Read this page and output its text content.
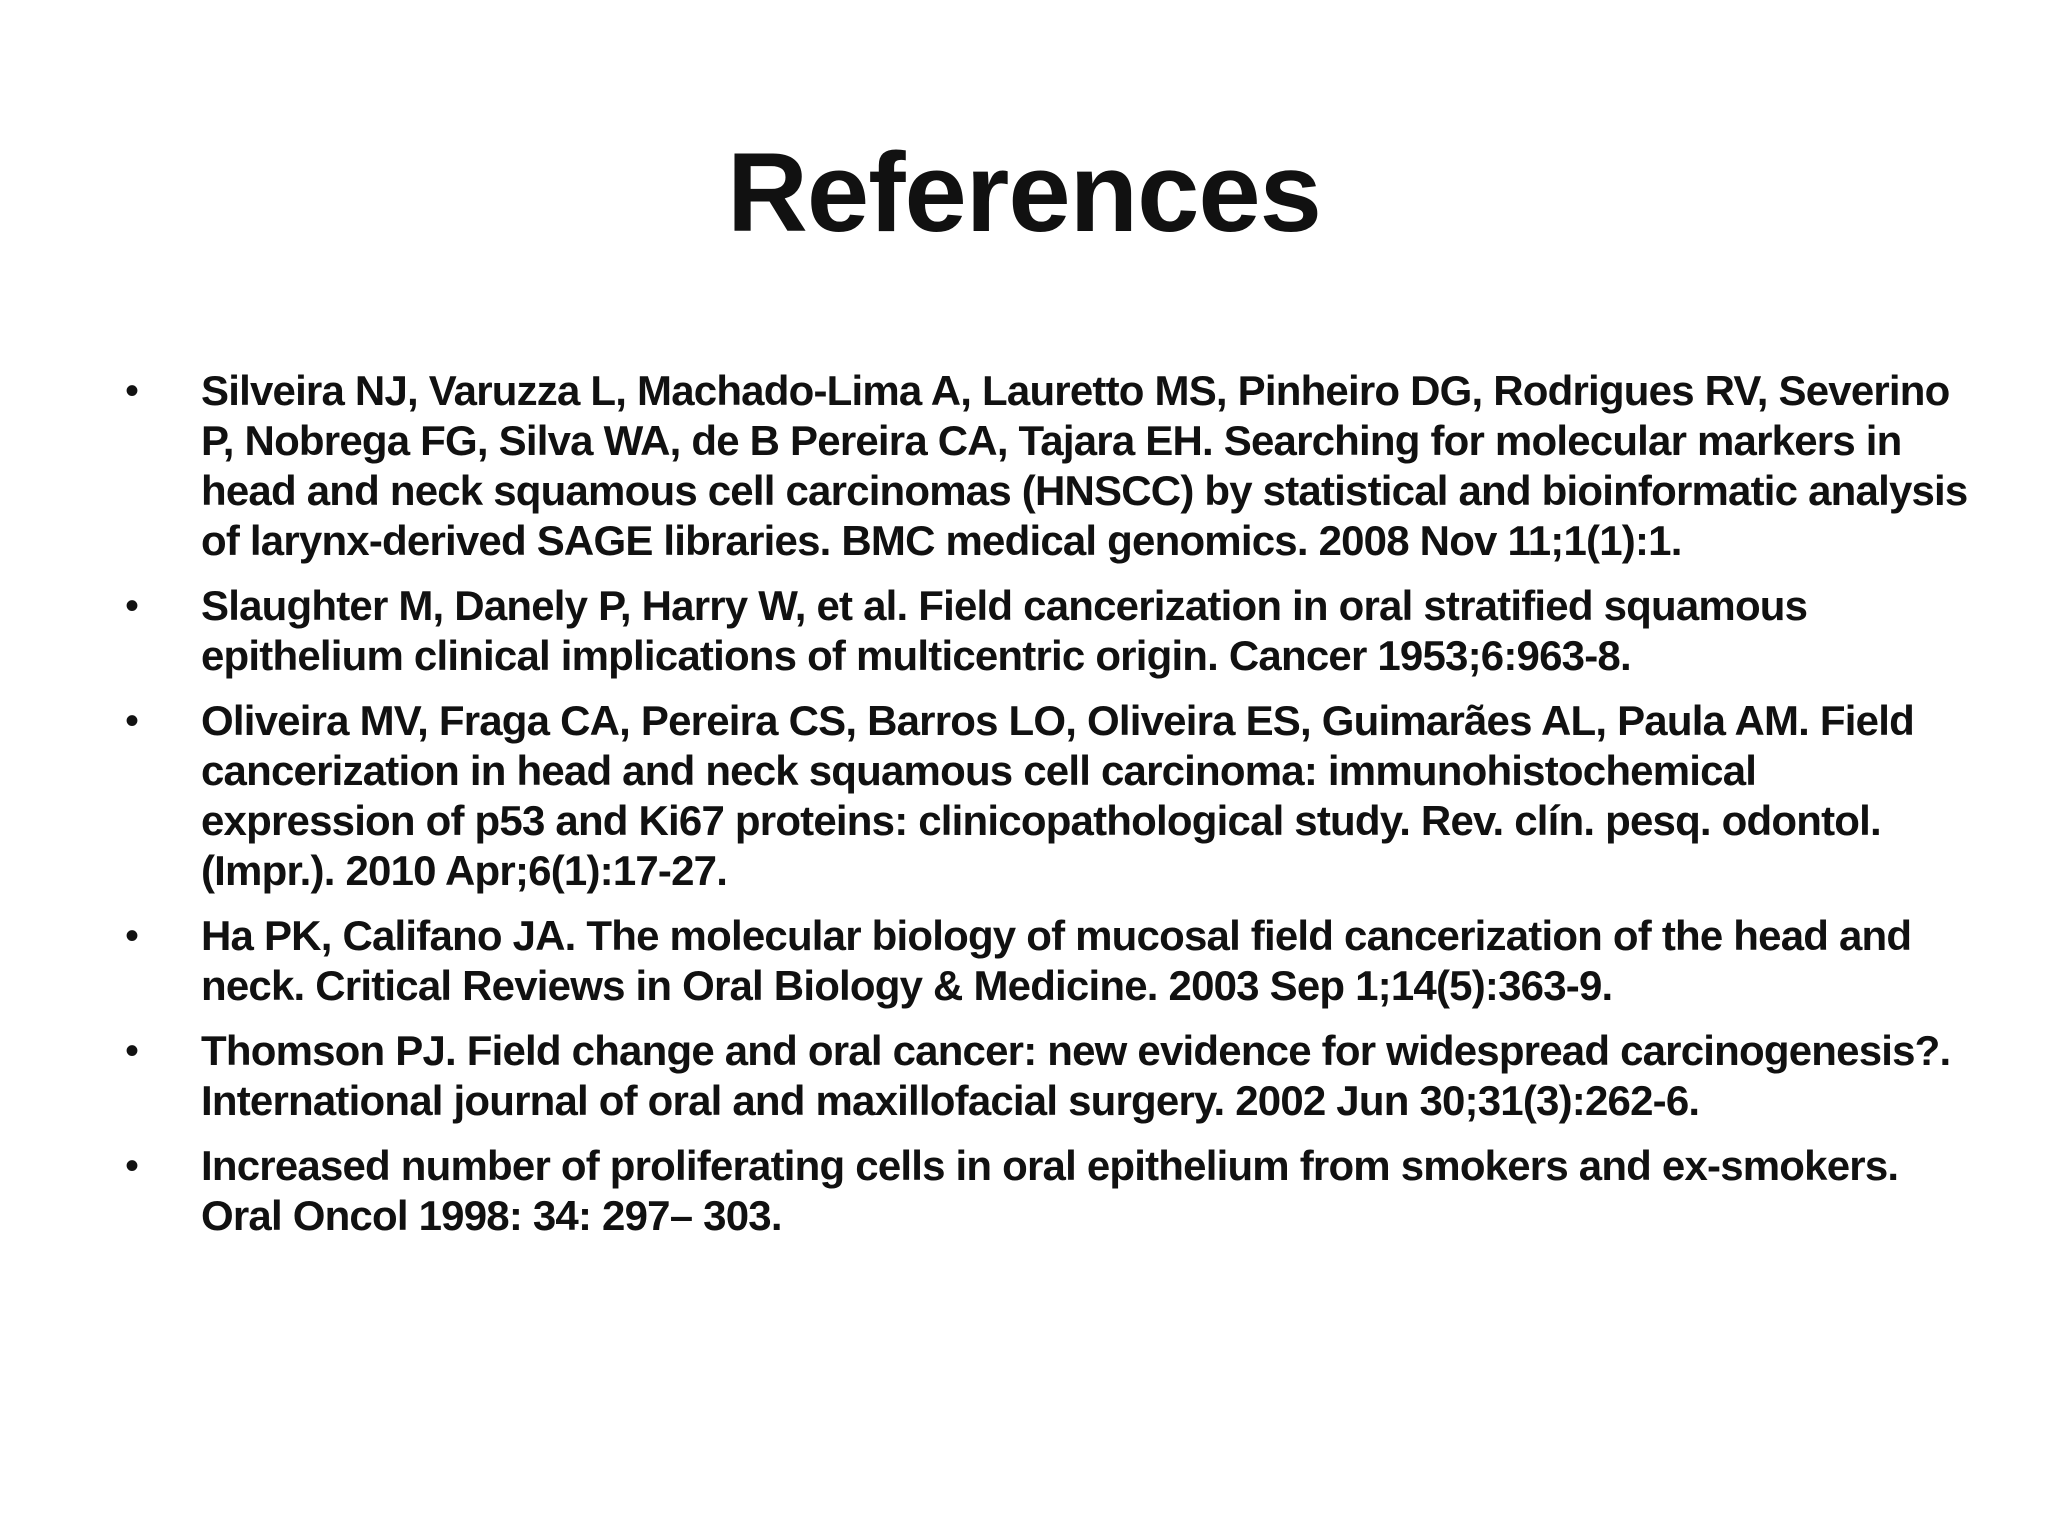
References
• Silveira NJ, Varuzza L, Machado-Lima A, Lauretto MS, Pinheiro DG, Rodrigues RV, Severino P, Nobrega FG, Silva WA, de B Pereira CA, Tajara EH. Searching for molecular markers in head and neck squamous cell carcinomas (HNSCC) by statistical and bioinformatic analysis of larynx-derived SAGE libraries. BMC medical genomics. 2008 Nov 11;1(1):1.
• Slaughter M, Danely P, Harry W, et al. Field cancerization in oral stratified squamous epithelium clinical implications of multicentric origin. Cancer 1953;6:963-8.
• Oliveira MV, Fraga CA, Pereira CS, Barros LO, Oliveira ES, Guimarães AL, Paula AM. Field cancerization in head and neck squamous cell carcinoma: immunohistochemical expression of p53 and Ki67 proteins: clinicopathological study. Rev. clín. pesq. odontol.(Impr.). 2010 Apr;6(1):17-27.
• Ha PK, Califano JA. The molecular biology of mucosal field cancerization of the head and neck. Critical Reviews in Oral Biology & Medicine. 2003 Sep 1;14(5):363-9.
• Thomson PJ. Field change and oral cancer: new evidence for widespread carcinogenesis?. International journal of oral and maxillofacial surgery. 2002 Jun 30;31(3):262-6.
• Increased number of proliferating cells in oral epithelium from smokers and ex-smokers. Oral Oncol 1998: 34: 297– 303.
